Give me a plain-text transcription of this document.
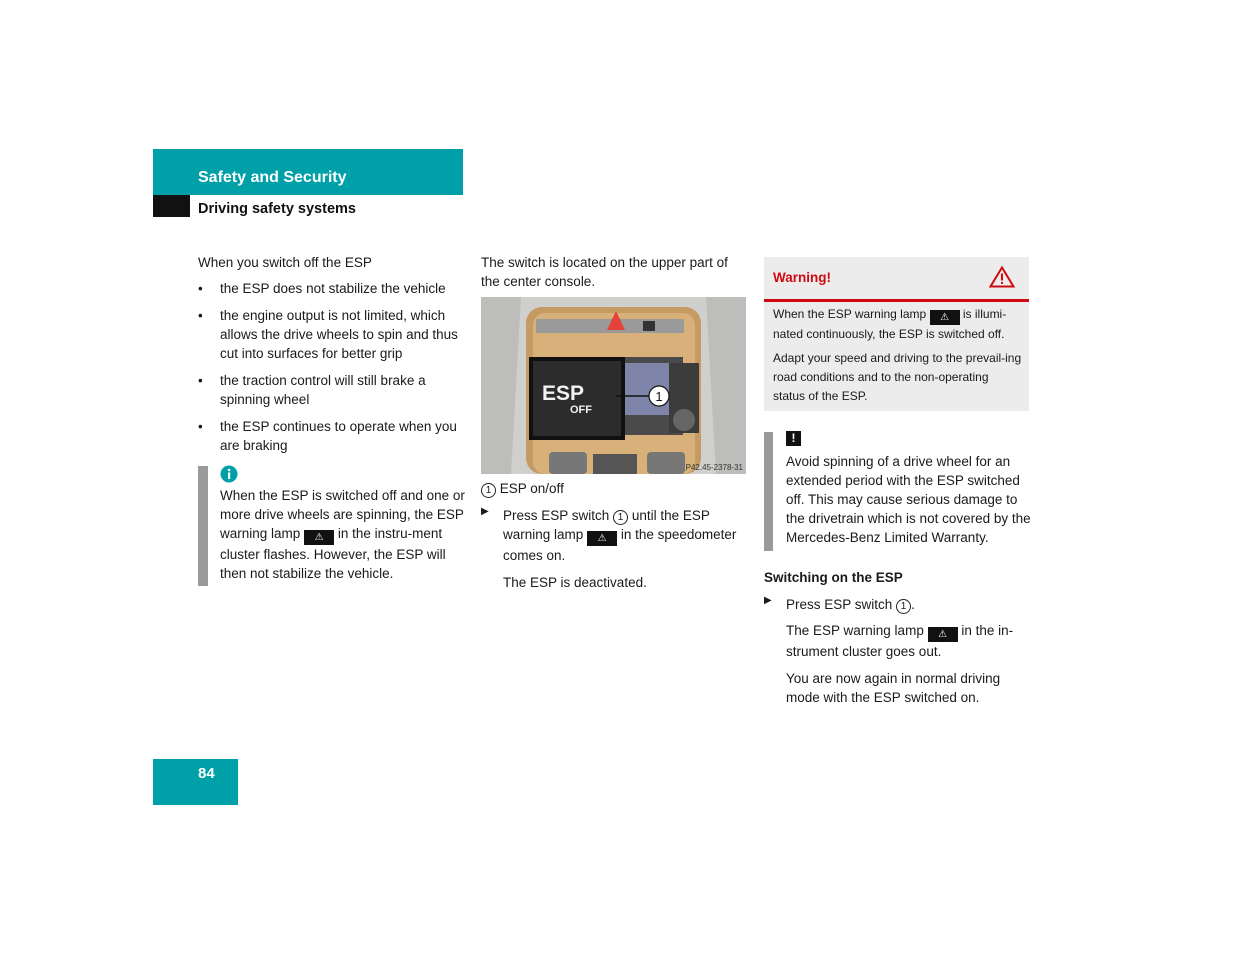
Safety and Security
Driving safety systems

When you switch off the ESP

• the ESP does not stabilize the vehicle
• the engine output is not limited, which allows the drive wheels to spin and thus cut into surfaces for better grip
• the traction control will still brake a spinning wheel
• the ESP continues to operate when you are braking

When the ESP is switched off and one or more drive wheels are spinning, the ESP warning lamp ⚠ in the instru-ment cluster flashes. However, the ESP will then not stabilize the vehicle.

The switch is located on the upper part of the center console.

ESP
OFF
1
P42.45-2378-31

1 ESP on/off

▶	Press ESP switch 1 until the ESP warning lamp ⚠ in the speedometer comes on.

The ESP is deactivated.

Warning!

When the ESP warning lamp ⚠ is illumi-nated continuously, the ESP is switched off.

Adapt your speed and driving to the prevail-ing road conditions and to the non-operating status of the ESP.

!

Avoid spinning of a drive wheel for an extended period with the ESP switched off. This may cause serious damage to the drivetrain which is not covered by the Mercedes-Benz Limited Warranty.

Switching on the ESP

▶	Press ESP switch 1 .

The ESP warning lamp ⚠ in the in-strument cluster goes out.

You are now again in normal driving mode with the ESP switched on.

84
